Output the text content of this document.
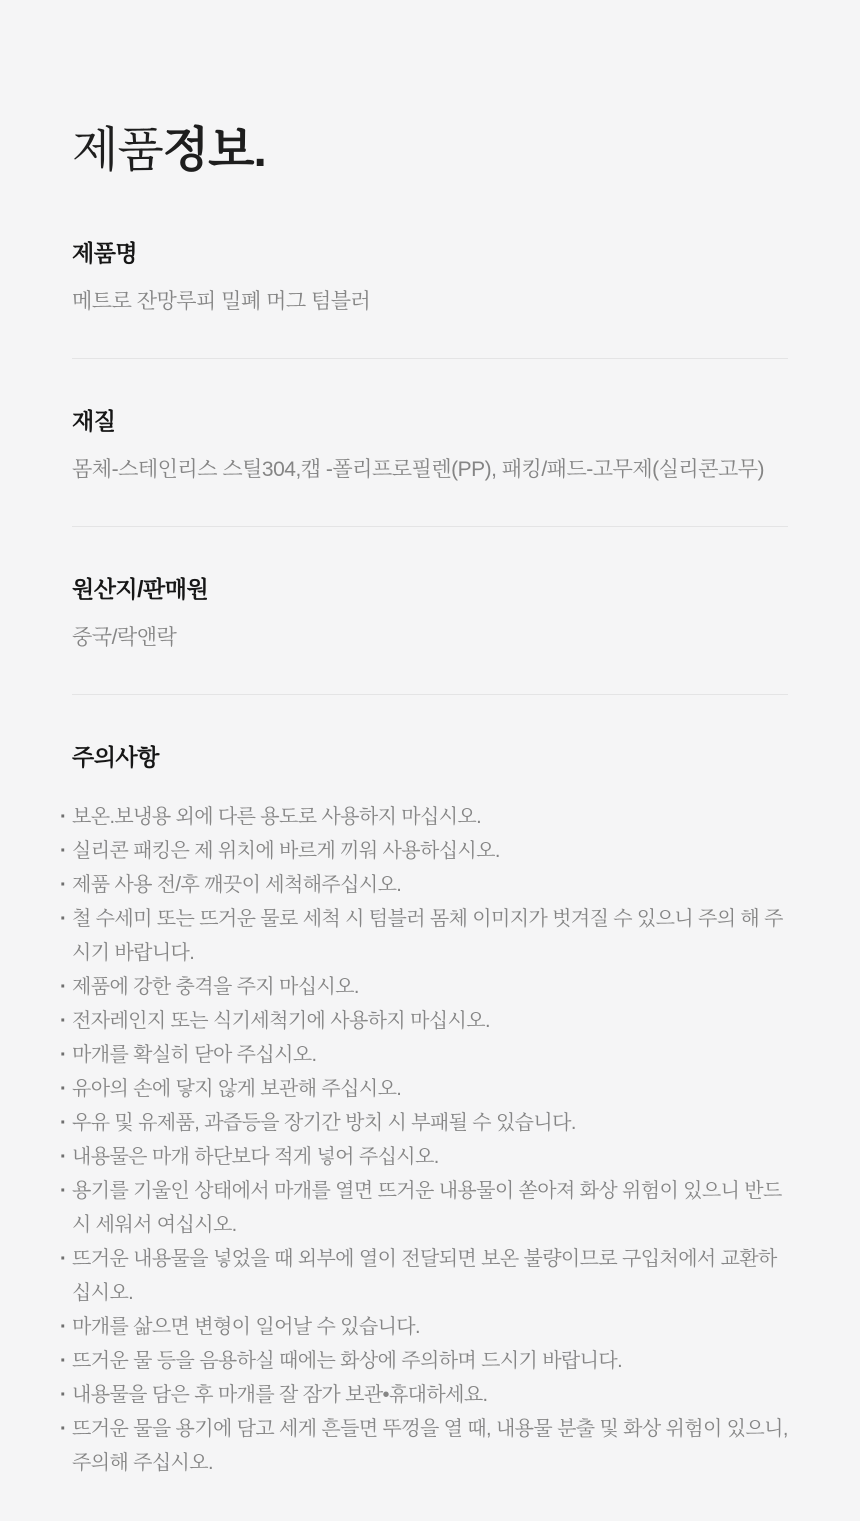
제품정보.
제품명

메트로 잔망루피 밀폐 머그 텀블러

재질

몸체-스테인리스 스틸304,캡 -폴리프로필렌(PP), 패킹/패드-고무제(실리콘고무)

원산지/판매원

중국/락앤락

주의사항
· 보온.보냉용 외에 다른 용도로 사용하지 마십시오.
· 실리콘 패킹은 제 위치에 바르게 끼워 사용하십시오.
· 제품 사용 전/후 깨끗이 세척해주십시오.
· 철 수세미 또는 뜨거운 물로 세척 시 텀블러 몸체 이미지가 벗겨질 수 있으니 주의 해 주시기 바랍니다.
· 제품에 강한 충격을 주지 마십시오.
· 전자레인지 또는 식기세척기에 사용하지 마십시오.
· 마개를 확실히 닫아 주십시오.
· 유아의 손에 닿지 않게 보관해 주십시오.
· 우유 및 유제품, 과즙등을 장기간 방치 시 부패될 수 있습니다.
· 내용물은 마개 하단보다 적게 넣어 주십시오.
· 용기를 기울인 상태에서 마개를 열면 뜨거운 내용물이 쏟아져 화상 위험이 있으니 반드시 세워서 여십시오.
· 뜨거운 내용물을 넣었을 때 외부에 열이 전달되면 보온 불량이므로 구입처에서 교환하십시오.
· 마개를 삶으면 변형이 일어날 수 있습니다.
· 뜨거운 물 등을 음용하실 때에는 화상에 주의하며 드시기 바랍니다.
· 내용물을 담은 후 마개를 잘 잠가 보관•휴대하세요.
· 뜨거운 물을 용기에 담고 세게 흔들면 뚜껑을 열 때, 내용물 분출 및 화상 위험이 있으니, 주의해 주십시오.
